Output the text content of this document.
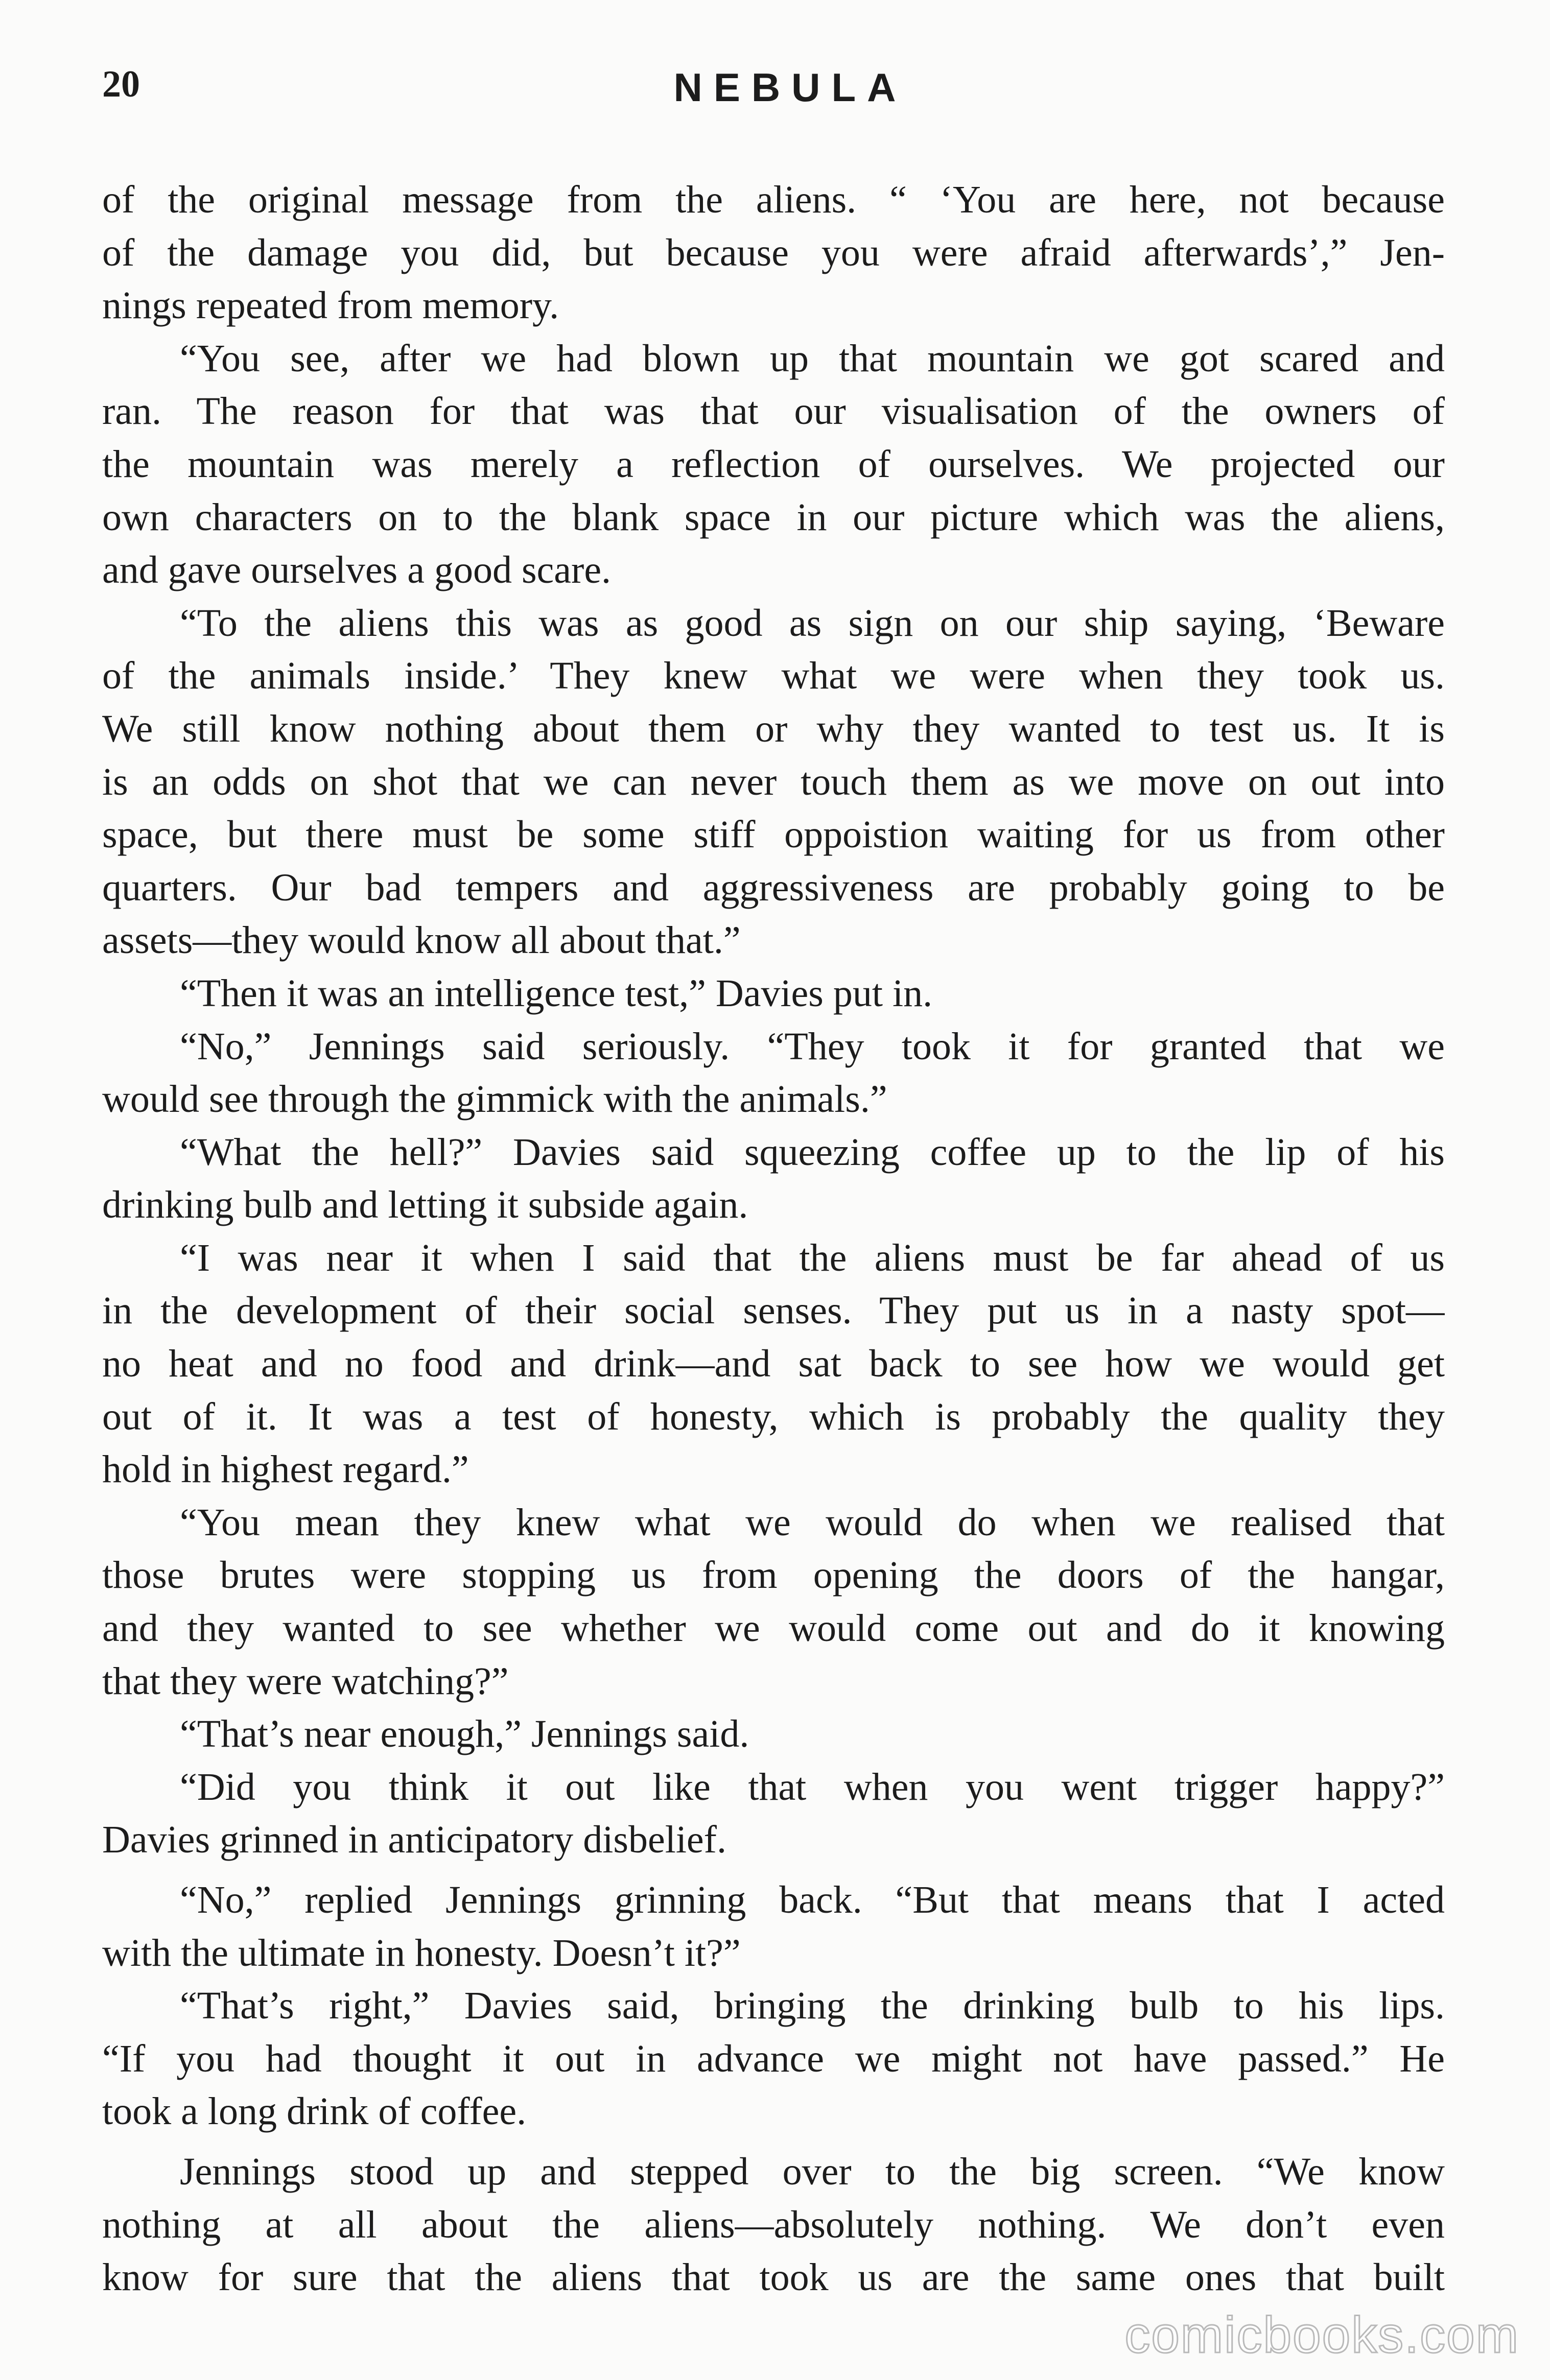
20	NEBULA
of the original message from the aliens. “ ‘You are here, not because
of the damage you did, but because you were afraid afterwards’,” Jen-
nings repeated from memory.
“You see, after we had blown up that mountain we got scared and
ran. The reason for that was that our visualisation of the owners of
the mountain was merely a reflection of ourselves. We projected our
own characters on to the blank space in our picture which was the aliens,
and gave ourselves a good scare.
“To the aliens this was as good as sign on our ship saying, ‘Beware
of the animals inside.’ They knew what we were when they took us.
We still know nothing about them or why they wanted to test us. It is
is an odds on shot that we can never touch them as we move on out into
space, but there must be some stiff oppoistion waiting for us from other
quarters. Our bad tempers and aggressiveness are probably going to be
assets—they would know all about that.”
“Then it was an intelligence test,” Davies put in.
“No,” Jennings said seriously. “They took it for granted that we
would see through the gimmick with the animals.”
“What the hell?” Davies said squeezing coffee up to the lip of his
drinking bulb and letting it subside again.
“I was near it when I said that the aliens must be far ahead of us
in the development of their social senses. They put us in a nasty spot—
no heat and no food and drink—and sat back to see how we would get
out of it. It was a test of honesty, which is probably the quality they
hold in highest regard.”
“You mean they knew what we would do when we realised that
those brutes were stopping us from opening the doors of the hangar,
and they wanted to see whether we would come out and do it knowing
that they were watching?”
“That’s near enough,” Jennings said.
“Did you think it out like that when you went trigger happy?”
Davies grinned in anticipatory disbelief.
“No,” replied Jennings grinning back. “But that means that I acted
with the ultimate in honesty. Doesn’t it?”
“That’s right,” Davies said, bringing the drinking bulb to his lips.
“If you had thought it out in advance we might not have passed.” He
took a long drink of coffee.
Jennings stood up and stepped over to the big screen. “We know
nothing at all about the aliens—absolutely nothing. We don’t even
know for sure that the aliens that took us are the same ones that built
comicbooks.com
